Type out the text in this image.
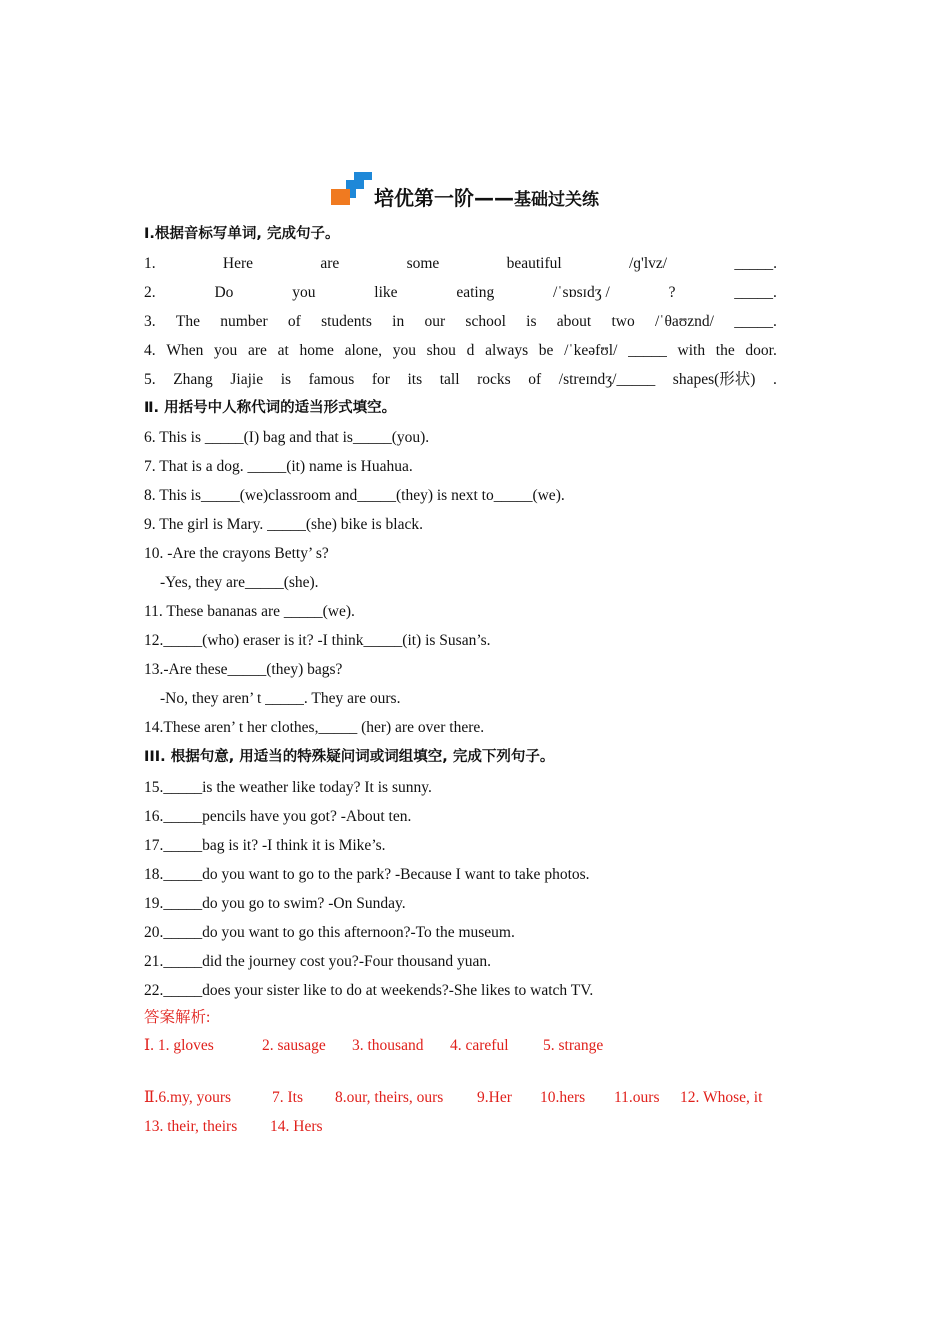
培优第一阶——基础过关练
Ⅰ.根据音标写单词, 完成句子。
1.	Here	are	some	beautiful	/ɡ'lvz/	_____.
2.	Do	you	like	eating	/ˈsɒsɪdʒ /	?	_____.
3. The number of students in our school is about two /ˈθaʊznd/ _____.
4. When you are at home alone, you shou d always be /ˈkeəfʊl/ _____ with the door.
5. Zhang Jiajie is famous for its tall rocks of /streɪndʒ/_____ shapes(形状) .
Ⅱ. 用括号中人称代词的适当形式填空。
6. This is _____(I) bag and that is_____(you).
7. That is a dog. _____(it) name is Huahua.
8. This is_____(we)classroom and_____(they) is next to_____(we).
9. The girl is Mary. _____(she) bike is black.
10. -Are the crayons Betty’ s?
-Yes, they are_____(she).
11. These bananas are _____(we).
12._____(who) eraser is it? -I think_____(it) is Susan’s.
13.-Are these_____(they) bags?
-No, they aren’ t _____. They are ours.
14.These aren’ t her clothes,_____ (her) are over there.
III. 根据句意, 用适当的特殊疑问词或词组填空, 完成下列句子。
15._____is the weather like today? It is sunny.
16._____pencils have you got? -About ten.
17._____bag is it? -I think it is Mike’s.
18._____do you want to go to the park? -Because I want to take photos.
19._____do you go to swim? -On Sunday.
20._____do you want to go this afternoon?-To the museum.
21._____did the journey cost you?-Four thousand yuan.
22._____does your sister like to do at weekends?-She likes to watch TV.
答案解析:
Ⅰ. 1. gloves	2. sausage 3. thousand 4. careful 5. strange
Ⅱ.6.my, yours	7. Its 8.our, theirs, ours 9.Her 10.hers 11.ours 12. Whose, it
13. their, theirs 14. Hers
